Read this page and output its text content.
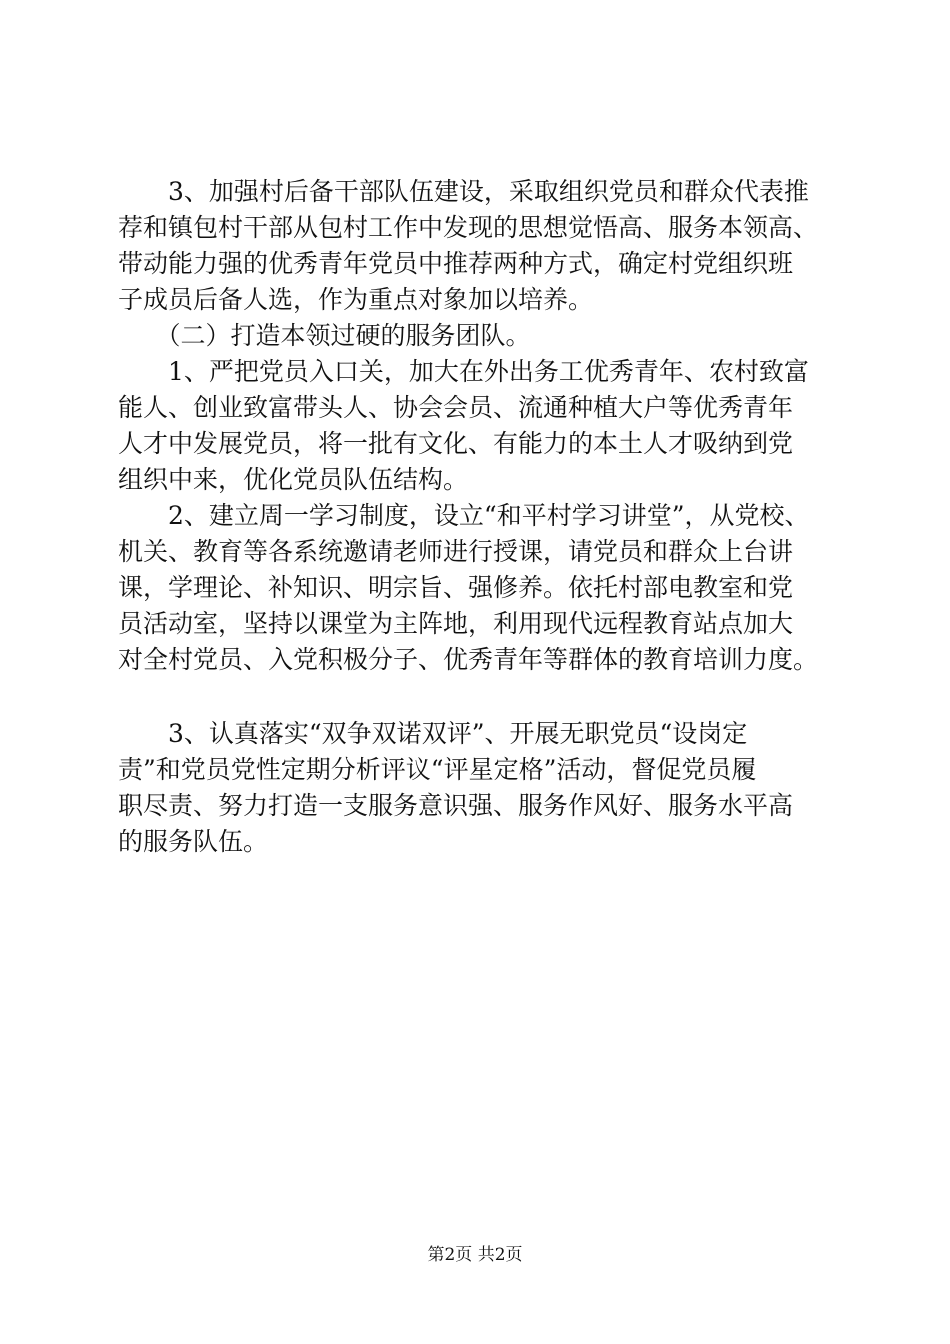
　　3、加强村后备干部队伍建设，采取组织党员和群众代表推
荐和镇包村干部从包村工作中发现的思想觉悟高、服务本领高、
带动能力强的优秀青年党员中推荐两种方式，确定村党组织班
子成员后备人选，作为重点对象加以培养。
　　（二）打造本领过硬的服务团队。
　　1、严把党员入口关，加大在外出务工优秀青年、农村致富
能人、创业致富带头人、协会会员、流通种植大户等优秀青年
人才中发展党员，将一批有文化、有能力的本土人才吸纳到党
组织中来，优化党员队伍结构。
　　2、建立周一学习制度，设立“和平村学习讲堂”，从党校、
机关、教育等各系统邀请老师进行授课，请党员和群众上台讲
课，学理论、补知识、明宗旨、强修养。依托村部电教室和党
员活动室，坚持以课堂为主阵地，利用现代远程教育站点加大
对全村党员、入党积极分子、优秀青年等群体的教育培训力度。
　　3、认真落实“双争双诺双评”、开展无职党员“设岗定
责”和党员党性定期分析评议“评星定格”活动，督促党员履
职尽责、努力打造一支服务意识强、服务作风好、服务水平高
的服务队伍。
第2页 共2页
